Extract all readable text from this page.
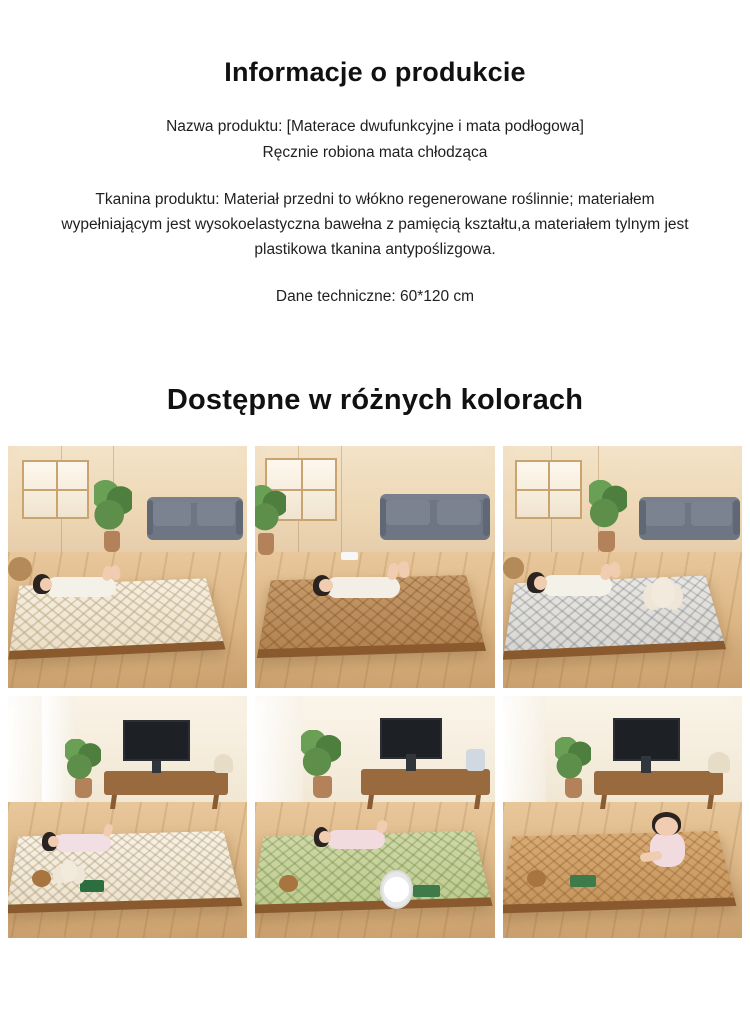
Informacje o produkcie

Nazwa produktu: [Materace dwufunkcyjne i mata podłogowa] Ręcznie robiona mata chłodząca

Tkanina produktu: Materiał przedni to włókno regenerowane roślinnie; materiałem wypełniającym jest wysokoelastyczna bawełna z pamięcią kształtu,a materiałem tylnym jest plastikowa tkanina antypoślizgowa.

Dane techniczne: 60*120 cm

Dostępne w różnych kolorach
